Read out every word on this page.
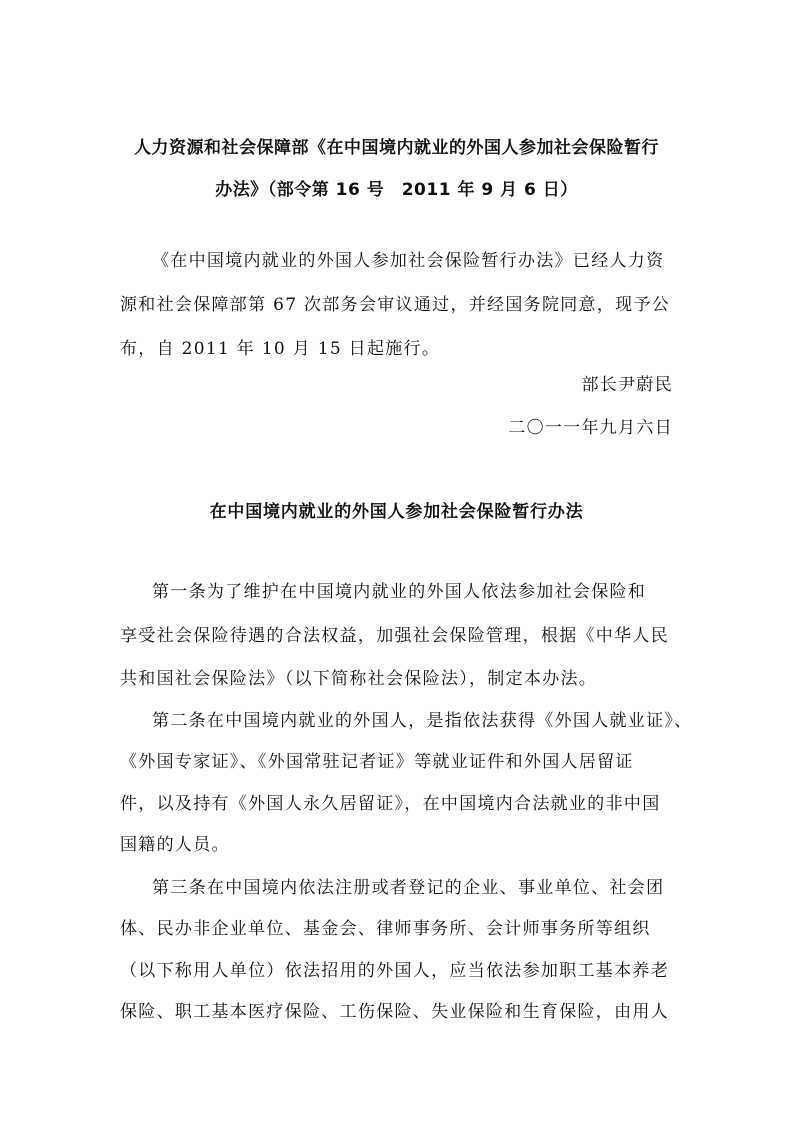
人力资源和社会保障部《在中国境内就业的外国人参加社会保险暂行
办法》（部令第 16 号　2011 年 9 月 6 日）
《在中国境内就业的外国人参加社会保险暂行办法》已经人力资
源和社会保障部第 67 次部务会审议通过，并经国务院同意，现予公
布，自 2011 年 10 月 15 日起施行。
部长尹蔚民
二〇一一年九月六日
在中国境内就业的外国人参加社会保险暂行办法
第一条为了维护在中国境内就业的外国人依法参加社会保险和
享受社会保险待遇的合法权益，加强社会保险管理，根据《中华人民
共和国社会保险法》（以下简称社会保险法），制定本办法。
第二条在中国境内就业的外国人，是指依法获得《外国人就业证》、
《外国专家证》、《外国常驻记者证》等就业证件和外国人居留证
件，以及持有《外国人永久居留证》，在中国境内合法就业的非中国
国籍的人员。
第三条在中国境内依法注册或者登记的企业、事业单位、社会团
体、民办非企业单位、基金会、律师事务所、会计师事务所等组织
（以下称用人单位）依法招用的外国人，应当依法参加职工基本养老
保险、职工基本医疗保险、工伤保险、失业保险和生育保险，由用人
